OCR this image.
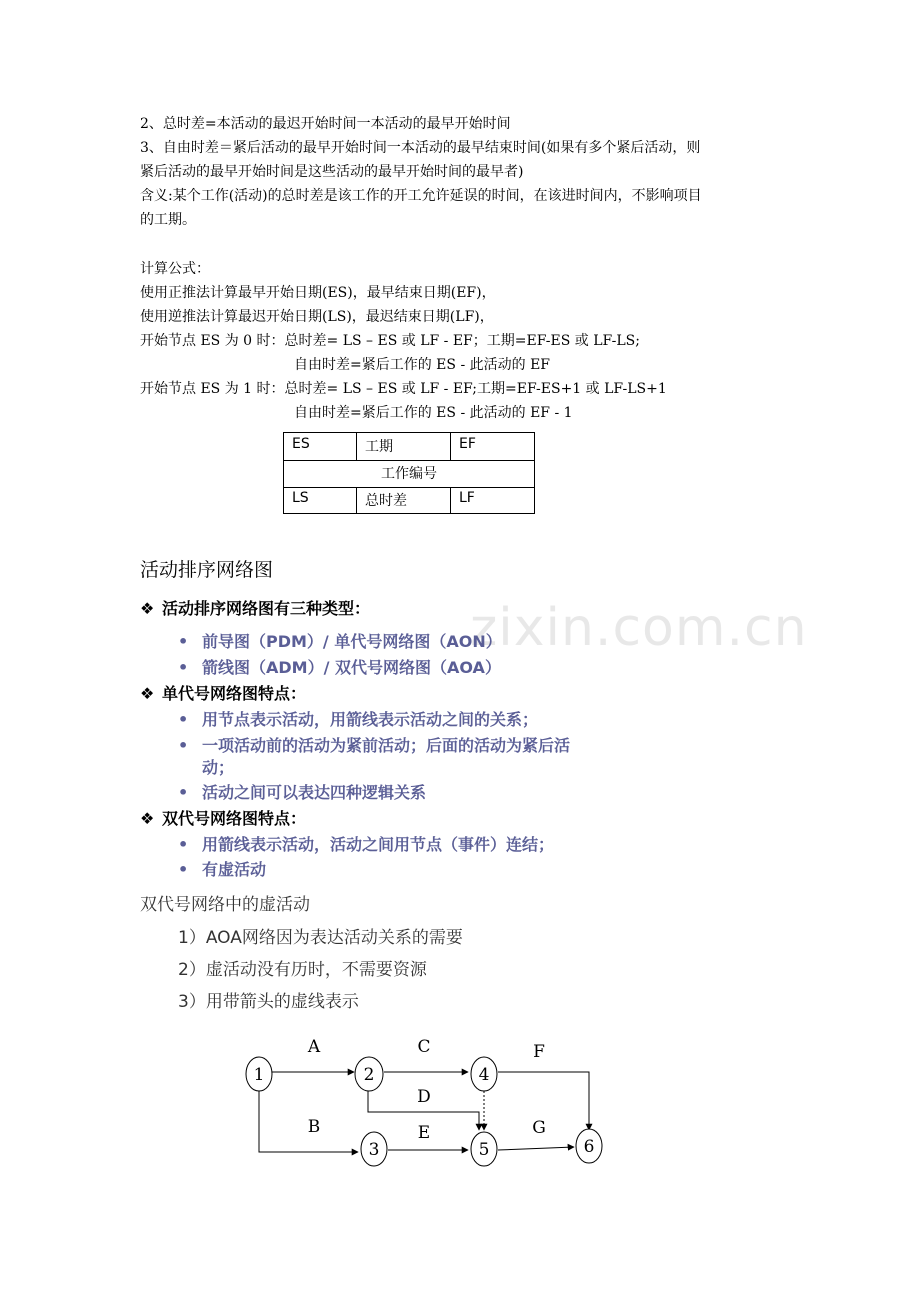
zixin.com.cn
2、总时差=本活动的最迟开始时间一本活动的最早开始时间
3、自由时差＝紧后活动的最早开始时间一本活动的最早结束时间(如果有多个紧后活动，则
紧后活动的最早开始时间是这些活动的最早开始时间的最早者)
含义:某个工作(活动)的总时差是该工作的开工允许延误的时间，在该进时间内，不影响项目
的工期。
计算公式：
使用正推法计算最早开始日期(ES)，最早结束日期(EF)，
使用逆推法计算最迟开始日期(LS)，最迟结束日期(LF)，
开始节点 ES 为 0 时：总时差= LS – ES 或 LF - EF；工期=EF-ES 或 LF-LS;
自由时差=紧后工作的 ES - 此活动的 EF
开始节点 ES 为 1 时：总时差= LS – ES 或 LF - EF;工期=EF-ES+1 或 LF-LS+1
自由时差=紧后工作的 ES - 此活动的 EF - 1
ES	工期	EF
工作编号
LS	总时差	LF
活动排序网络图
❖ 活动排序网络图有三种类型：
• 前导图（PDM）/ 单代号网络图（AON）
• 箭线图（ADM）/ 双代号网络图（AOA）
❖ 单代号网络图特点：
• 用节点表示活动，用箭线表示活动之间的关系；
• 一项活动前的活动为紧前活动；后面的活动为紧后活
动；
• 活动之间可以表达四种逻辑关系
❖ 双代号网络图特点：
• 用箭线表示活动，活动之间用节点（事件）连结；
• 有虚活动
双代号网络中的虚活动
1）AOA网络因为表达活动关系的需要
2）虚活动没有历时，不需要资源
3）用带箭头的虚线表示
1	2
3
4
5	6
A
B
C
D
E
F
G
